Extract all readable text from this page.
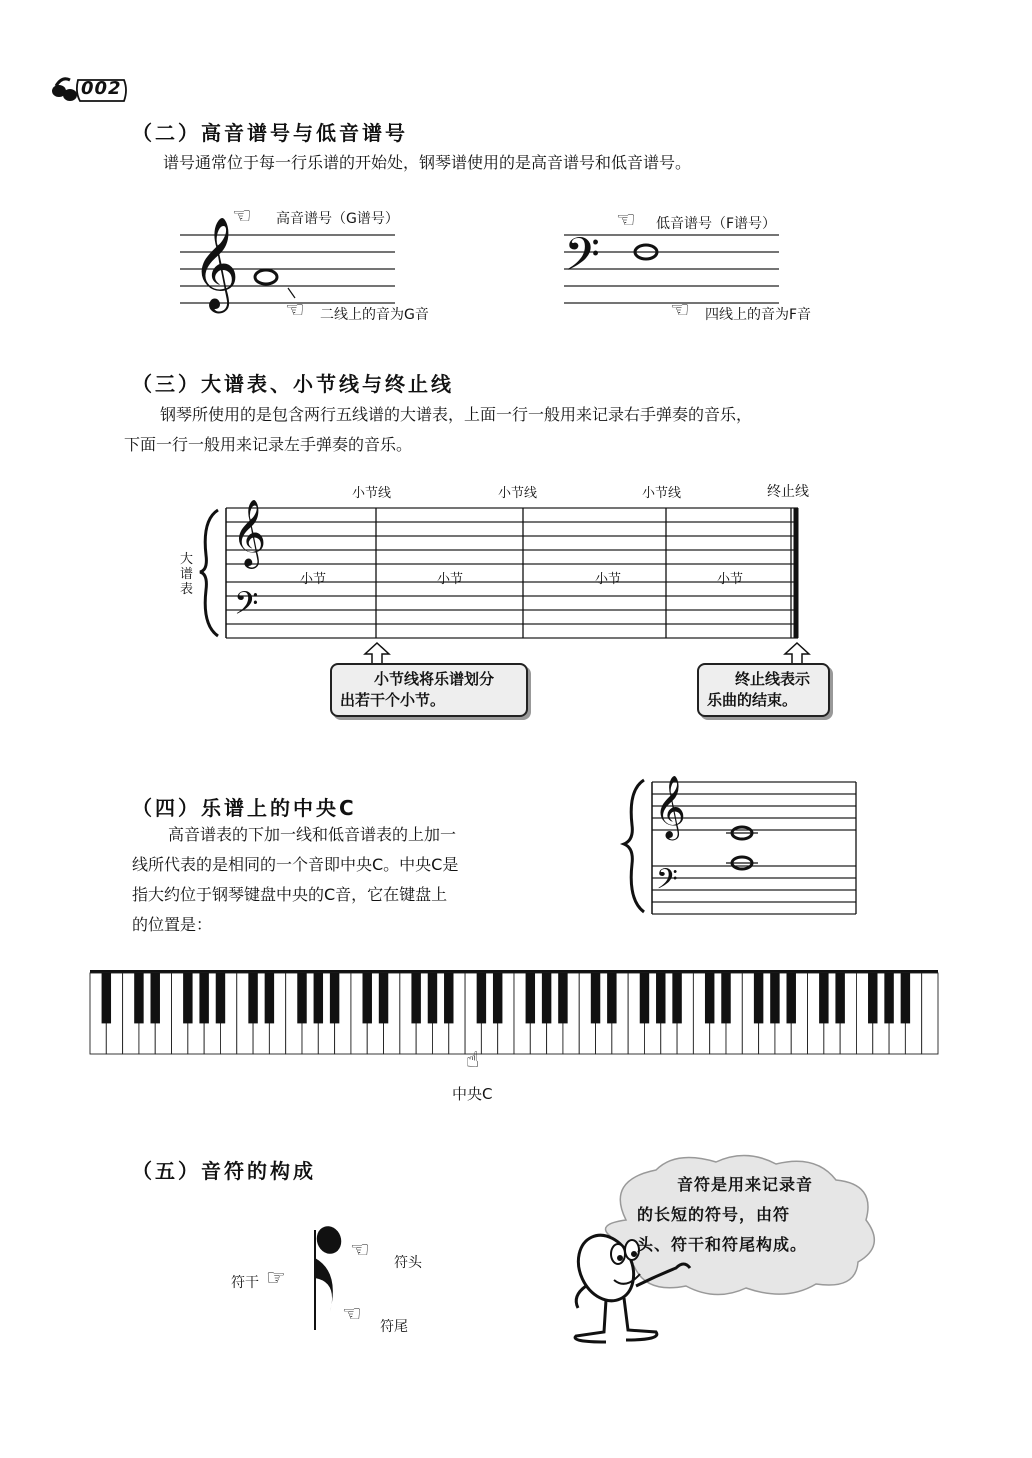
002
（二）高音谱号与低音谱号
谱号通常位于每一行乐谱的开始处，钢琴谱使用的是高音谱号和低音谱号。
𝄞
☜ 高音谱号（G谱号）
☜ 二线上的音为G音
𝄢
☜ 低音谱号（F谱号）
☜ 四线上的音为F音
（三）大谱表、小节线与终止线
钢琴所使用的是包含两行五线谱的大谱表，上面一行一般用来记录右手弹奏的音乐，
下面一行一般用来记录左手弹奏的音乐。
小节线	小节线	小节线	终止线
𝄞
𝄢
大谱表
小节	小节	小节	小节
小节线将乐谱划分
出若干个小节。
终止线表示
乐曲的结束。
（四）乐谱上的中央C
高音谱表的下加一线和低音谱表的上加一
线所代表的是相同的一个音即中央C。中央C是
指大约位于钢琴键盘中央的C音，它在键盘上
的位置是：
𝄞
𝄢
☝
中央C
（五）音符的构成
符干 ☞
☜ 符头
☜ 符尾
音符是用来记录音
的长短的符号，由符
头、符干和符尾构成。
